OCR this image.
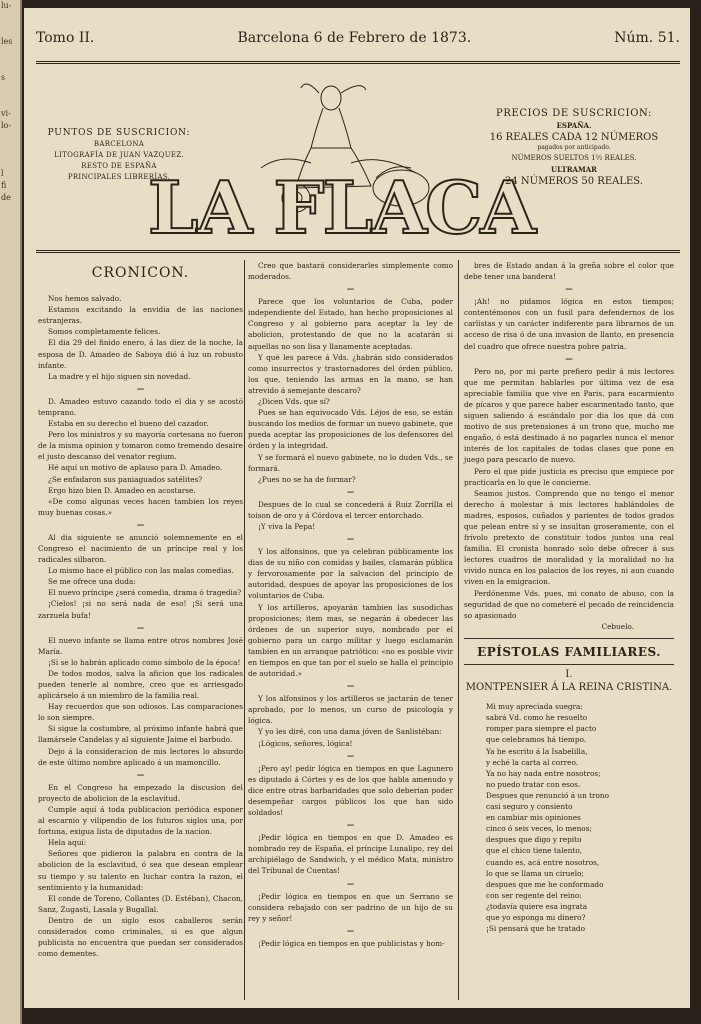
lu-

les

s

vi-
lo-

l
fi
de

Tomo II.	Barcelona 6 de Febrero de 1873.	Núm. 51.
PUNTOS DE SUSCRICION:
BARCELONA
LITOGRAFÍA DE JUAN VAZQUEZ.
RESTO DE ESPAÑA
PRINCIPALES LIBRERÍAS.
LA FLACA
PRECIOS DE SUSCRICION:
ESPAÑA.
16 REALES CADA 12 NÚMEROS
pagados por anticipado.
NÚMEROS SUELTOS 1½ REALES.
ULTRAMAR
24 NÚMEROS 50 REALES.
CRONICON.

Nos hemos salvado.

Estamos excitando la envidia de las naciones estranjeras.

Somos completamente felices.

El dia 29 del finido enero, á las diez de la noche, la esposa de D. Amadeo de Saboya dió á luz un robusto infante.

La madre y el hijo siguen sin novedad.

—

D. Amadeo estuvo cazando todo el dia y se acostó temprano.

Estaba en su derecho el bueno del cazador.

Pero los ministros y su mayoría cortesana no fueron de la misma opinion y tomaron como tremendo desaire el justo descanso del venator regium.

Hé aquí un motivo de aplauso para D. Amadeo.

¿Se enfadaron sus paniaguados satélites?

Ergo hizo bien D. Amadeo en acostarse.

«De como algunas veces hacen tambien los reyes muy buenas cosas.»

—

Al dia siguiente se anunció solemnemente en el Congreso el nacimiento de un príncipe real y los radicales silbaron.

Lo mismo hace el público con las malas comedias.

Se me ofrece una duda:

El nuevo príncipe ¿será comedia, drama ó tragedia?

¡Cielos! ¡si no será nada de eso! ¡Si será una zarzuela bufa!

—

El nuevo infante se llama entre otros nombres José María.

¡Si se lo habrán aplicado como símbolo de la época!

De todos modos, salva la aficion que los radicales pueden tenerle al nombre, creo que es arriesgado aplicárselo á un miembro de la familia real.

Hay recuerdos que son odiosos. Las comparaciones lo son siempre.

Si sigue la costumbre, al próximo infante habrá que llamársele Candelas y al siguiente Jaime el barbudo.

Dejo á la consideracion de mis lectores lo absurdo de este último nombre aplicado á un mamoncillo.

—

En el Congreso ha empezado la discusion del proyecto de abolicion de la esclavitud.

Cumple aquí á toda publicacion periódica esponer al escarnio y vilipendio de los futuros siglos una, por fortuna, exigua lista de diputados de la nacion.

Hela aquí:

Señores que pidieron la palabra en contra de la abolicion de la esclavitud, ó sea que desean emplear su tiempo y su talento en luchar contra la razon, el sentimiento y la humanidad:

El conde de Toreno, Collantes (D. Estéban), Chacon, Sanz, Zugasti, Lasala y Bugallal.

Dentro de un siglo esos caballeros serán considerados como criminales, si es que algun publicista no encuentra que puedan ser considerados como dementes.

Creo que bastará considerarles simplemente como moderados.

—

Parece que los voluntarios de Cuba, poder independiente del Estado, han hecho proposiciones al Congreso y al gobierno para aceptar la ley de abolicion, protestando de que no la acatarán si aquellas no son lisa y llanamente aceptadas.

Y qué les parece á Vds. ¿habrán sido considerados como insurrectos y trastornadores del órden público, los que, teniendo las armas en la mano, se han atrevido á semejante descaro?

¿Dicen Vds. que sí?

Pues se han equivocado Vds. Léjos de eso, se están buscando los medios de formar un nuevo gabinete, que pueda aceptar las proposiciones de los defensores del órden y la integridad.

Y se formará el nuevo gabinete, no lo duden Vds., se formará.

¿Pues no se ha de formar?

—

Despues de lo cual se concederá á Ruiz Zorrilla el toison de oro y á Córdova el tercer entorchado.

¡Y viva la Pepa!

—

Y los alfonsinos, que ya celebran públicamente los dias de su niño con comidas y bailes, clamarán pública y fervorosamente por la salvacion del principio de autoridad, despues de apoyar las proposiciones de los voluntarios de Cuba.

Y los artilleros, apoyarán tambien las susodichas proposiciones; item mas, se negarán á obedecer las órdenes de un superior suyo, nombrado por el gobierno para un cargo militar y luego esclamarán tambien en un arranque patriótico: «no es posible vivir en tiempos en que tan por el suelo se halla el principio de autoridad.»

—

Y los alfonsinos y los artilleros se jactarán de tener aprobado, por lo menos, un curso de psicología y lógica.

Y yo les diré, con una dama jóven de Sanlistéban:

¡Lógicos, señores, lógica!

—

¡Pero ay! pedir lógica en tiempos en que Lagunero es diputado á Córtes y es de los que habla amenudo y dice entre otras barbaridades que solo deberian poder desempeñar cargos públicos los que han sido soldados!

—

¡Pedir lógica en tiempos en que D. Amadeo es nombrado rey de España, el príncipe Lunalipo, rey del archipiélago de Sandwich, y el médico Mata, ministro del Tribunal de Cuentas!

—

¡Pedir lógica en tiempos en que un Serrano se considera rebajado con ser padrino de un hijo de su rey y señor!

—

¡Pedir lógica en tiempos en que publicistas y hom-

bres de Estado andan á la greña sobre el color que debe tener una bandera!

—

¡Ah! no pidamos lógica en estos tiempos; contentémonos con un fusil para defendernos de los carlistas y un carácter indiferente para librarnos de un acceso de risa ó de una invasion de llanto, en presencia del cuadro que ofrece nuestra pobre patria.

—

Pero no, por mi parte prefiero pedir á mis lectores que me permitan hablarles por última vez de esa apreciable familia que vive en Paris, para escarmiento de pícaros y que parece haber escarmentado tanto, que siguen saliendo á escándalo por dia los que dá con motivo de sus pretensiones á un trono que, mucho me engaño, ó está destinado á no pagarles nunca el menor interés de los capitales de todas clases que pone en juego para pescarlo de nuevo.

Pero el que pide justicia es preciso que empiece por practicarla en lo que le concierne.

Seamos justos. Comprendo que no tengo el menor derecho á molestar á mis lectores hablándoles de madres, esposos, cuñados y parientes de todos grados que pelean entre sí y se insultan groseramente, con el frívolo pretexto de constituir todos juntos una real familia. El cronista honrado solo debe ofrecer á sus lectores cuadros de moralidad y la moralidad no ha vivido nunca en los palacios de los reyes, ni aun cuando viven en la emigracion.

Perdónenme Vds. pues, mi conato de abuso, con la seguridad de que no cometeré el pecado de reincidencia so apasionado

Cebuelo.

EPÍSTOLAS FAMILIARES.

I.

MONTPENSIER Á LA REINA CRISTINA.

Mi muy apreciada suegra:
sabrá Vd. como he resuelto
romper para siempre el pacto
que celebramos há tiempo.
Ya he escrito á la Isabelilla,
y eché la carta al correo.
Ya no hay nada entre nosotros;
no puedo tratar con esos.
Despues que renunció á un trono
casi seguro y consiento
en cambiar mis opiniones
cinco ó seis veces, lo menos;
despues que digo y repito
que el chico tiene talento,
cuando es, acá entre nosotros,
lo que se llama un ciruelo;
despues que me he conformado
con ser regente del reino:
¿todavía quiere esa ingrata
que yo esponga mi dinero?
¡Si pensará que he tratado
